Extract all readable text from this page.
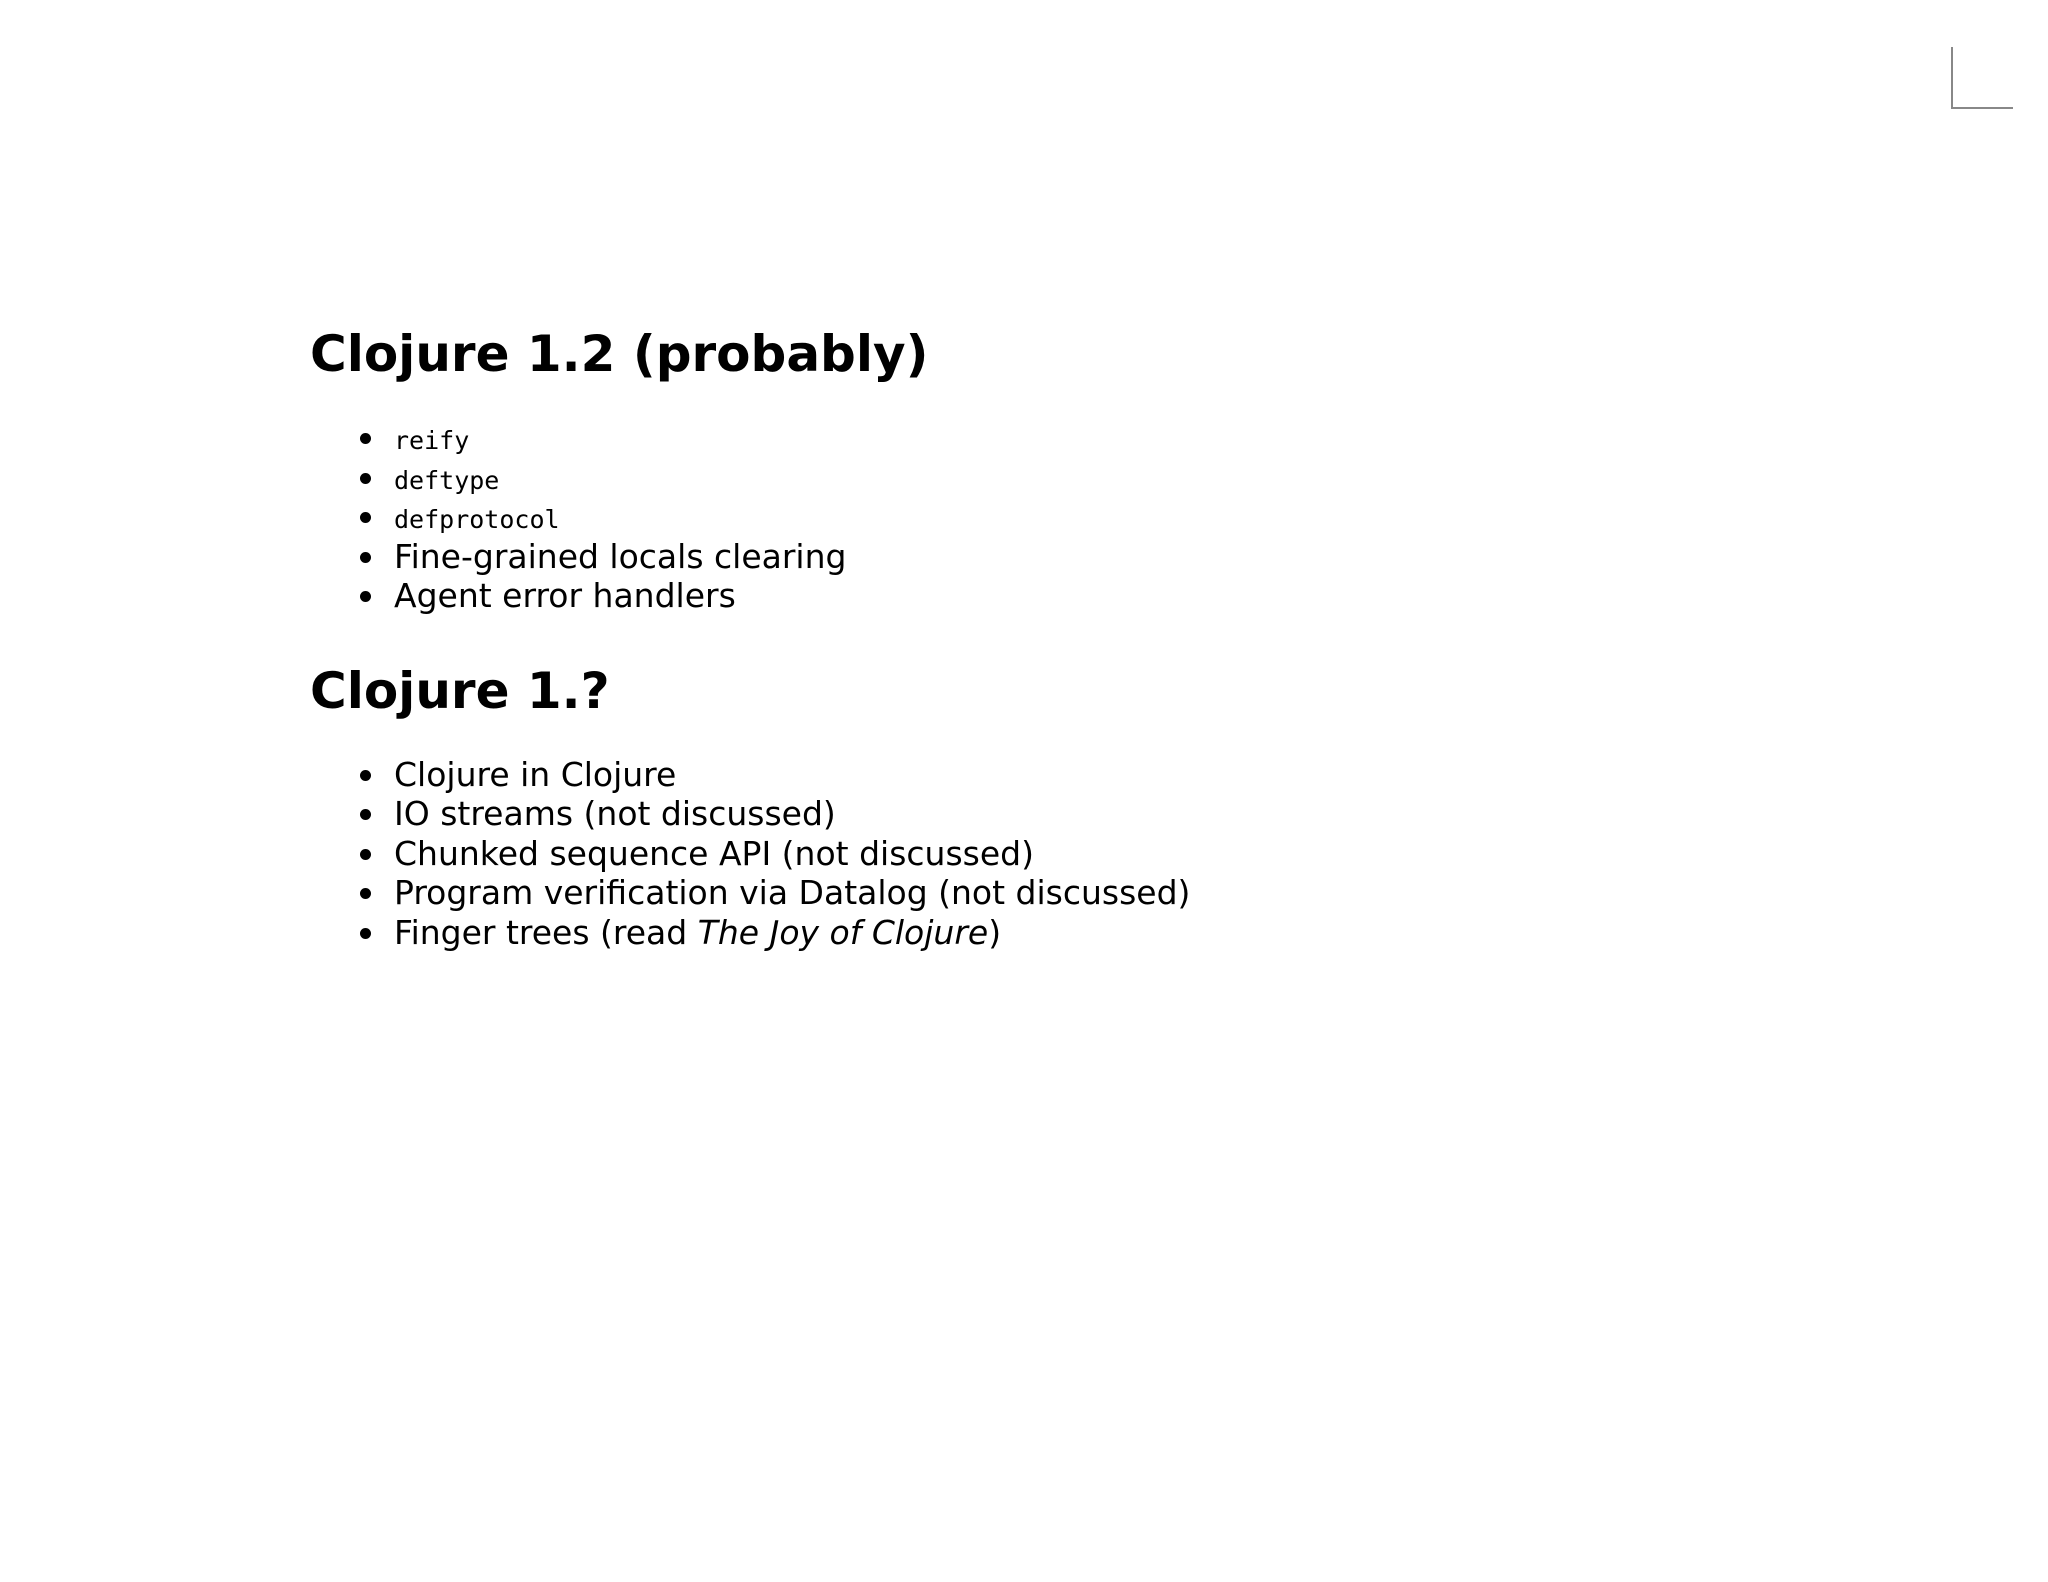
Clojure 1.2 (probably)
reify
deftype
defprotocol
Fine-grained locals clearing
Agent error handlers
Clojure 1.?
Clojure in Clojure
IO streams (not discussed)
Chunked sequence API (not discussed)
Program verification via Datalog (not discussed)
Finger trees (read The Joy of Clojure)
